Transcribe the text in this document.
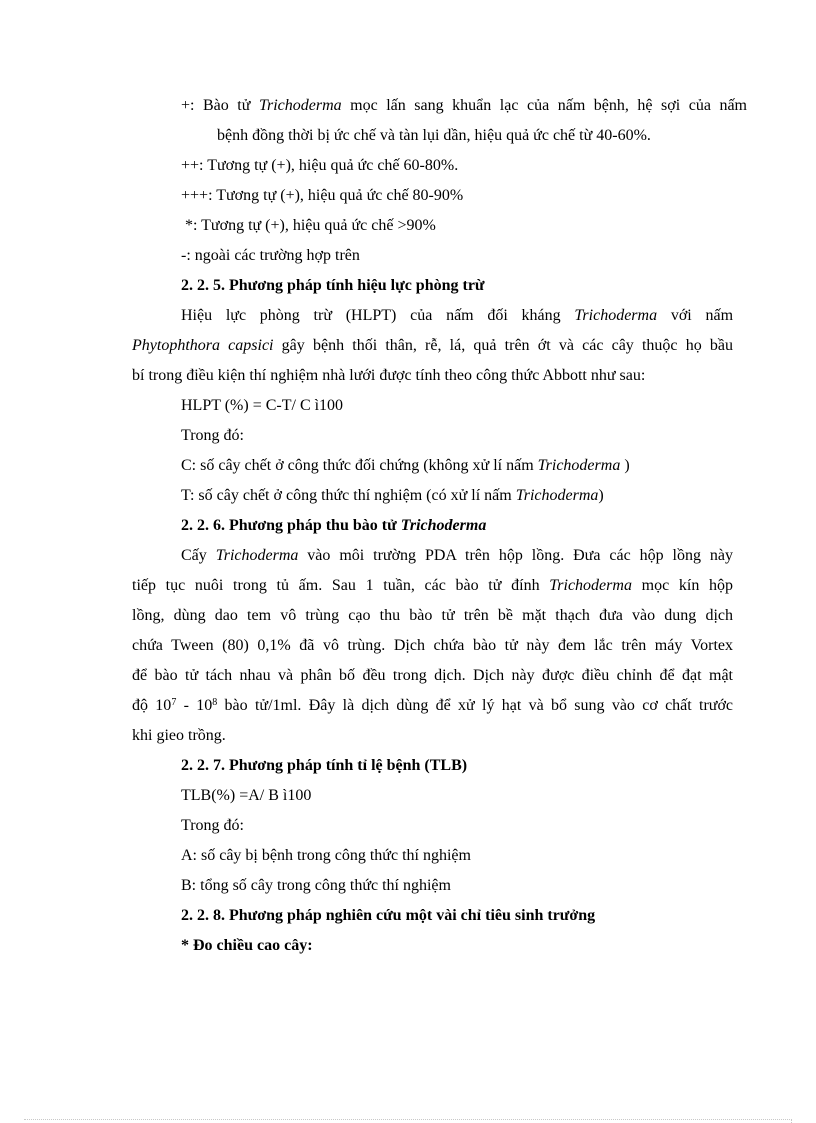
+: Bào tử Trichoderma mọc lấn sang khuẩn lạc của nấm bệnh, hệ sợi của nấm
bệnh đồng thời bị ức chế và tàn lụi dần, hiệu quả ức chế từ 40-60%.
++: Tương tự (+), hiệu quả ức chế 60-80%.
+++: Tương tự (+), hiệu quả ức chế 80-90%
*: Tương tự (+), hiệu quả ức chế >90%
-: ngoài các trường hợp trên
2. 2. 5. Phương pháp tính hiệu lực phòng trừ
Hiệu lực phòng trừ (HLPT) của nấm đối kháng Trichoderma với nấm
Phytophthora capsici gây bệnh thối thân, rễ, lá, quả trên ớt và các cây thuộc họ bầu
bí trong điều kiện thí nghiệm nhà lưới được tính theo công thức Abbott như sau:
HLPT (%) = C-T/ C ì100
Trong đó:
C: số cây chết ở công thức đối chứng (không xử lí nấm Trichoderma )
T: số cây chết ở công thức thí nghiệm (có xử lí nấm Trichoderma)
2. 2. 6. Phương pháp thu bào tử Trichoderma
Cấy Trichoderma vào môi trường PDA trên hộp lồng. Đưa các hộp lồng này
tiếp tục nuôi trong tủ ấm. Sau 1 tuần, các bào tử đính Trichoderma mọc kín hộp
lồng, dùng dao tem vô trùng cạo thu bào tử trên bề mặt thạch đưa vào dung dịch
chứa Tween (80) 0,1% đã vô trùng. Dịch chứa bào tử này đem lắc trên máy Vortex
để bào tử tách nhau và phân bố đều trong dịch. Dịch này được điều chỉnh để đạt mật
độ $10^7 - 10^8$ bào tử/1ml. Đây là dịch dùng để xử lý hạt và bổ sung vào cơ chất trước
khi gieo trồng.
2. 2. 7. Phương pháp tính tỉ lệ bệnh (TLB)
TLB(%) =A/ B ì100
Trong đó:
A: số cây bị bệnh trong công thức thí nghiệm
B: tổng số cây trong công thức thí nghiệm
2. 2. 8. Phương pháp nghiên cứu một vài chỉ tiêu sinh trưởng
* Đo chiều cao cây:
